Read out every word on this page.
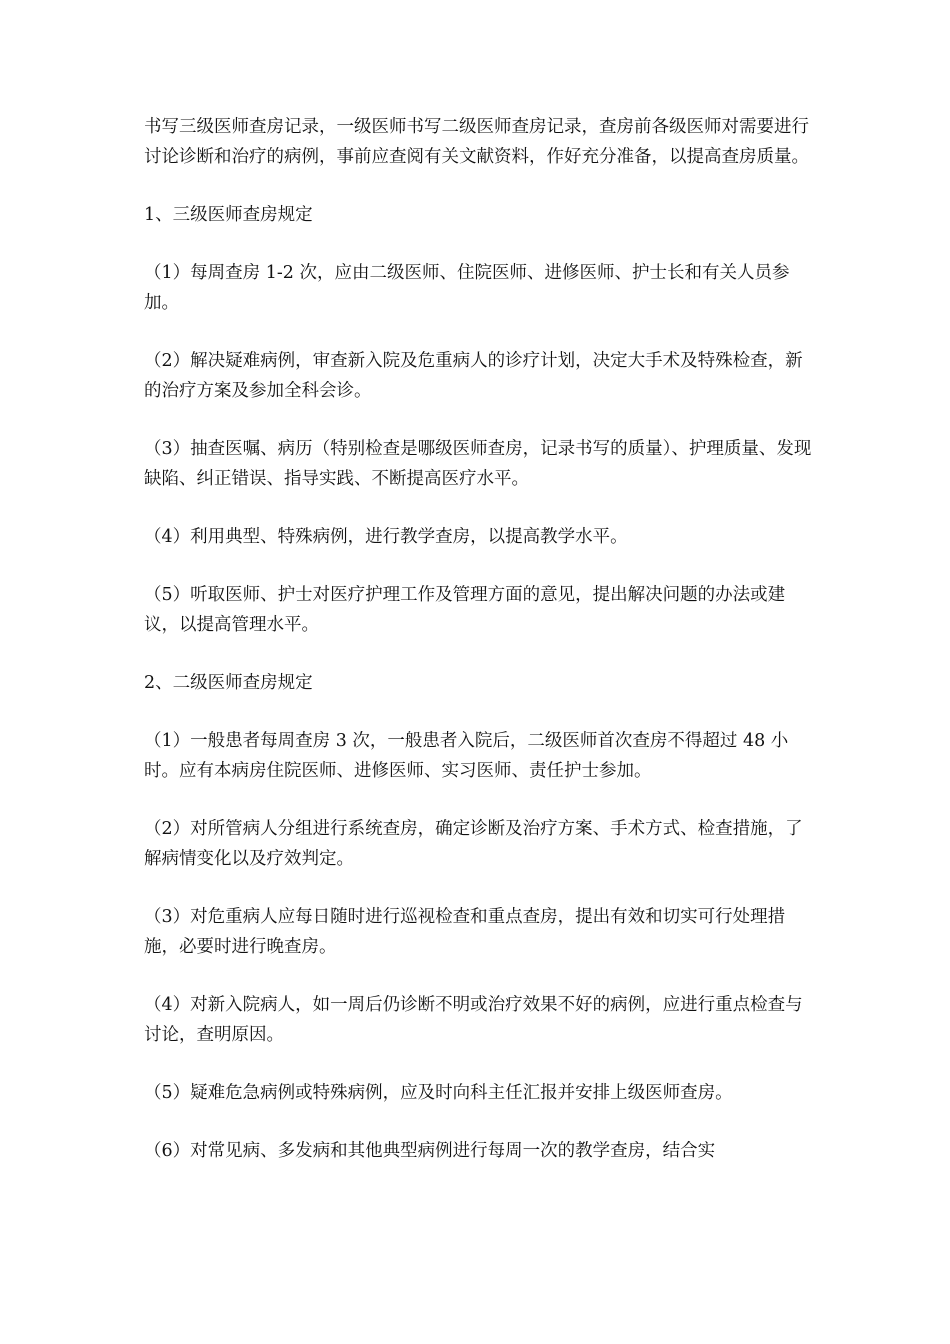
书写三级医师查房记录，一级医师书写二级医师查房记录，查房前各级医师对需要进行讨论诊断和治疗的病例，事前应查阅有关文献资料，作好充分准备，以提高查房质量。

1、三级医师查房规定

（1）每周查房 1-2 次，应由二级医师、住院医师、进修医师、护士长和有关人员参加。

（2）解决疑难病例，审查新入院及危重病人的诊疗计划，决定大手术及特殊检查，新的治疗方案及参加全科会诊。

（3）抽查医嘱、病历（特别检查是哪级医师查房，记录书写的质量）、护理质量、发现缺陷、纠正错误、指导实践、不断提高医疗水平。

（4）利用典型、特殊病例，进行教学查房，以提高教学水平。

（5）听取医师、护士对医疗护理工作及管理方面的意见，提出解决问题的办法或建议，以提高管理水平。

2、二级医师查房规定

（1）一般患者每周查房 3 次，一般患者入院后，二级医师首次查房不得超过 48 小时。应有本病房住院医师、进修医师、实习医师、责任护士参加。

（2）对所管病人分组进行系统查房，确定诊断及治疗方案、手术方式、检查措施，了解病情变化以及疗效判定。

（3）对危重病人应每日随时进行巡视检查和重点查房，提出有效和切实可行处理措施，必要时进行晚查房。

（4）对新入院病人，如一周后仍诊断不明或治疗效果不好的病例，应进行重点检查与讨论，查明原因。

（5）疑难危急病例或特殊病例，应及时向科主任汇报并安排上级医师查房。

（6）对常见病、多发病和其他典型病例进行每周一次的教学查房，结合实
